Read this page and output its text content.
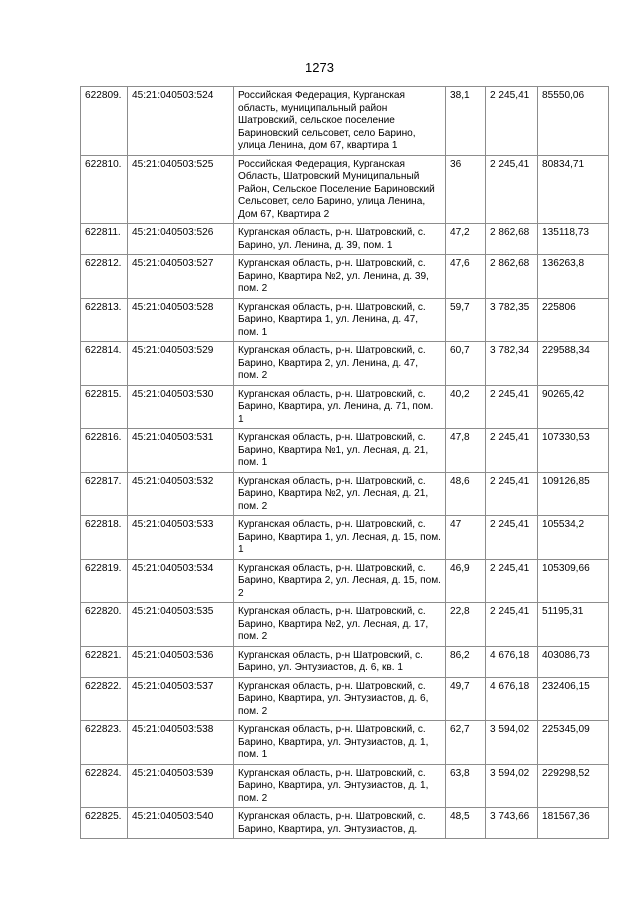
1273
622809.	45:21:040503:524	Российская Федерация, Курганская область, муниципальный район Шатровский, сельское поселение Бариновский сельсовет, село Барино, улица Ленина, дом 67, квартира 1	38,1	2 245,41	85550,06
622810.	45:21:040503:525	Российская Федерация, Курганская Область, Шатровский Муниципальный Район, Сельское Поселение Бариновский Сельсовет, село Барино, улица Ленина, Дом 67, Квартира 2	36	2 245,41	80834,71
622811.	45:21:040503:526	Курганская область, р-н. Шатровский, с. Барино, ул. Ленина, д. 39, пом. 1	47,2	2 862,68	135118,73
622812.	45:21:040503:527	Курганская область, р-н. Шатровский, с. Барино, Квартира №2, ул. Ленина, д. 39, пом. 2	47,6	2 862,68	136263,8
622813.	45:21:040503:528	Курганская область, р-н. Шатровский, с. Барино, Квартира 1, ул. Ленина, д. 47, пом. 1	59,7	3 782,35	225806
622814.	45:21:040503:529	Курганская область, р-н. Шатровский, с. Барино, Квартира 2, ул. Ленина, д. 47, пом. 2	60,7	3 782,34	229588,34
622815.	45:21:040503:530	Курганская область, р-н. Шатровский, с. Барино, Квартира, ул. Ленина, д. 71, пом. 1	40,2	2 245,41	90265,42
622816.	45:21:040503:531	Курганская область, р-н. Шатровский, с. Барино, Квартира №1, ул. Лесная, д. 21, пом. 1	47,8	2 245,41	107330,53
622817.	45:21:040503:532	Курганская область, р-н. Шатровский, с. Барино, Квартира №2, ул. Лесная, д. 21, пом. 2	48,6	2 245,41	109126,85
622818.	45:21:040503:533	Курганская область, р-н. Шатровский, с. Барино, Квартира 1, ул. Лесная, д. 15, пом. 1	47	2 245,41	105534,2
622819.	45:21:040503:534	Курганская область, р-н. Шатровский, с. Барино, Квартира 2, ул. Лесная, д. 15, пом. 2	46,9	2 245,41	105309,66
622820.	45:21:040503:535	Курганская область, р-н. Шатровский, с. Барино, Квартира №2, ул. Лесная, д. 17, пом. 2	22,8	2 245,41	51195,31
622821.	45:21:040503:536	Курганская область, р-н Шатровский, с. Барино, ул. Энтузиастов, д. 6, кв. 1	86,2	4 676,18	403086,73
622822.	45:21:040503:537	Курганская область, р-н. Шатровский, с. Барино, Квартира, ул. Энтузиастов, д. 6, пом. 2	49,7	4 676,18	232406,15
622823.	45:21:040503:538	Курганская область, р-н. Шатровский, с. Барино, Квартира, ул. Энтузиастов, д. 1, пом. 1	62,7	3 594,02	225345,09
622824.	45:21:040503:539	Курганская область, р-н. Шатровский, с. Барино, Квартира, ул. Энтузиастов, д. 1, пом. 2	63,8	3 594,02	229298,52
622825.	45:21:040503:540	Курганская область, р-н. Шатровский, с. Барино, Квартира, ул. Энтузиастов, д.	48,5	3 743,66	181567,36
